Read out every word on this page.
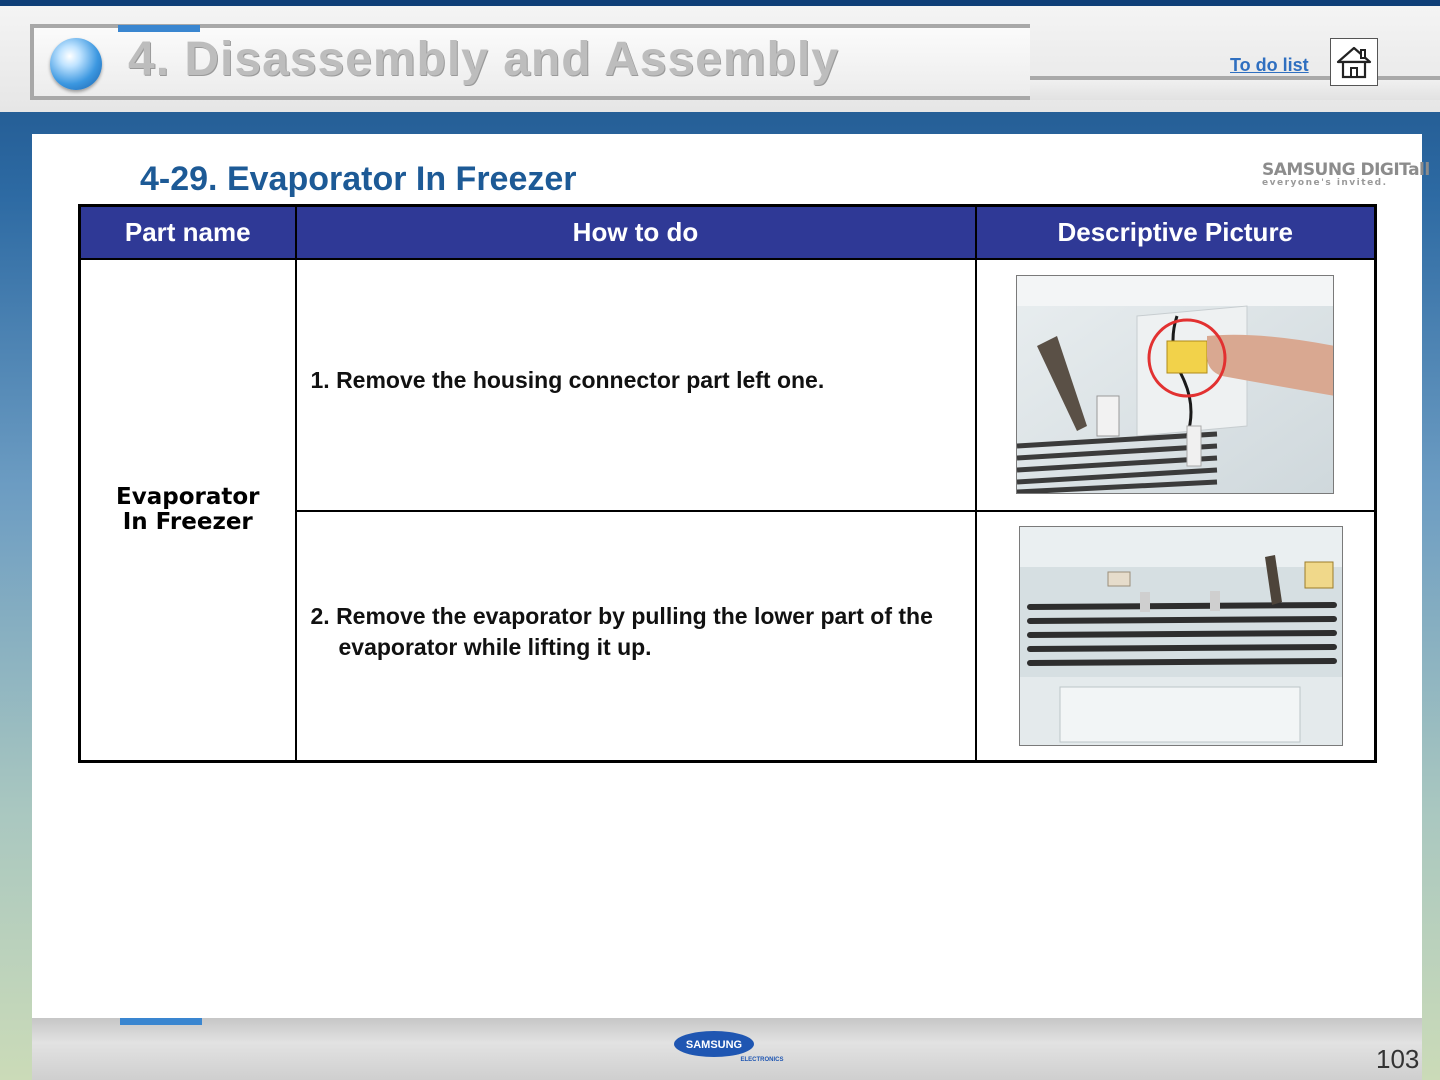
4. Disassembly and Assembly	To do list
4-29. Evaporator In Freezer	SAMSUNG DIGITall
everyone's invited.
Part name	How to do	Descriptive Picture
Evaporator
In Freezer	1. Remove the housing connector part left one.

	2. Remove the evaporator by pulling the lower part of the evaporator while lifting it up.

SAMSUNG
ELECTRONICS	103
